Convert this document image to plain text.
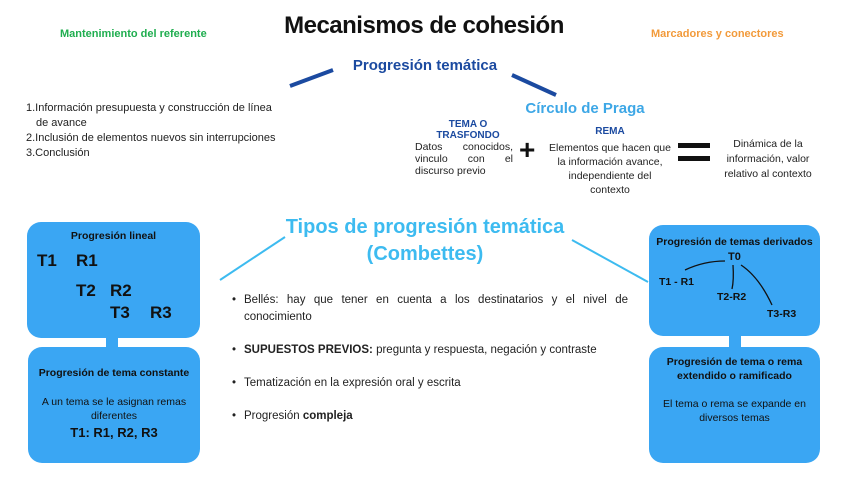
Mecanismos de cohesión
Mantenimiento del referente	Marcadores y conectores
Progresión temática
Círculo de Praga
1.Información presupuesta y construcción de línea
de avance
2.Inclusión de elementos nuevos sin interrupciones
3.Conclusión
TEMA O TRASFONDO
Datos conocidos, vinculo con el discurso previo
+
REMA
Elementos que hacen que la información avance, independiente del contexto
Dinámica de la información, valor relativo al contexto
Tipos de progresión temática
(Combettes)
Progresión lineal
T1 R1
T2 R2
T3 R3
Progresión de tema constante
A un tema se le asignan remas diferentes
T1: R1, R2, R3
Progresión de temas derivados
T0
T1 - R1
T2-R2
T3-R3
Progresión de tema o rema extendido o ramificado
El tema o rema se expande en diversos temas
• Bellés: hay que tener en cuenta a los destinatarios y el nivel de conocimiento
• SUPUESTOS PREVIOS: pregunta y respuesta, negación y contraste
• Tematización en la expresión oral y escrita
• Progresión compleja
